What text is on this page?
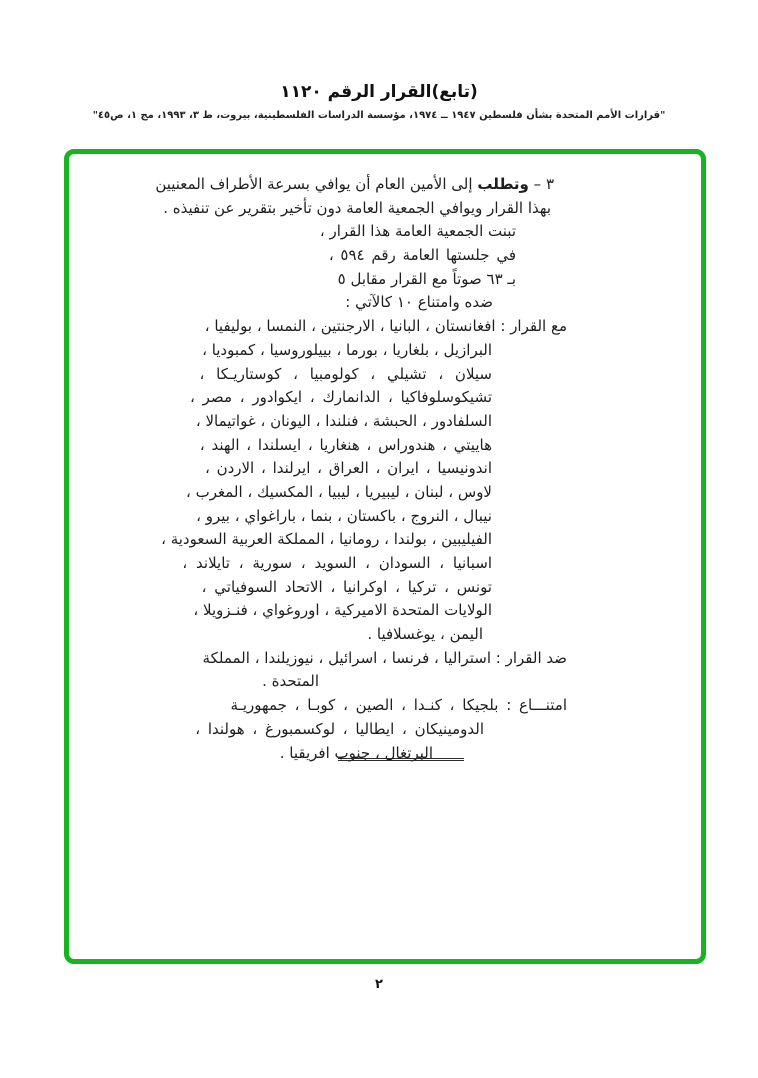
(تابع)القرار الرقم ١١٢٠
"قرارات الأمم المتحدة بشأن فلسطين ١٩٤٧ ــ ١٩٧٤، مؤسسة الدراسات الفلسطينية، بيروت، ط ٣، ١٩٩٣، مج ١، ص٤٥"
٣ – وتطلب إلى الأمين العام أن يوافي بسرعة الأطراف المعنيين
بهذا القرار ويوافي الجمعية العامة دون تأخير بتقرير عن تنفيذه .
تبنت الجمعية العامة هذا القرار ،
في جلستها العامة رقم ٥٩٤ ،
بـ ٦٣ صوتاً مع القرار مقابل ٥
ضده وامتناع ١٠ كالآتي :
مع القرار : افغانستان ، البانيا ، الارجنتين ، النمسا ، بوليفيا ،
البرازيل ، بلغاريا ، بورما ، بييلوروسيا ، كمبوديا ،
سيلان ، تشيلي ، كولومبيا ، كوستاريـكا ،
تشيكوسلوفاكيا ، الدانمارك ، ايكوادور ، مصر ،
السلفادور ، الحبشة ، فنلندا ، اليونان ، غواتيمالا ،
هاييتي ، هندوراس ، هنغاريا ، ايسلندا ، الهند ،
اندونيسيا ، ايران ، العراق ، ايرلندا ، الاردن ،
لاوس ، لبنان ، ليبيريا ، ليبيا ، المكسيك ، المغرب ،
نيبال ، النروج ، باكستان ، بنما ، باراغواي ، بيرو ،
الفيليبين ، بولندا ، رومانيا ، المملكة العربية السعودية ،
اسبانيا ، السودان ، السويد ، سورية ، تايلاند ،
تونس ، تركيا ، اوكرانيا ، الاتحاد السوفياتي ،
الولايات المتحدة الاميركية ، اوروغواي ، فنـزويلا ،
اليمن ، يوغسلافيا .
ضد القرار : استراليا ، فرنسا ، اسرائيل ، نيوزيلندا ، المملكة
المتحدة .
امتنـــاع : بلجيكا ، كنـدا ، الصين ، كوبـا ، جمهوريـة
الدومينيكان ، ايطاليا ، لوكسمبورغ ، هولندا ،
البرتغال ، جنوب افريقيا .
٢
